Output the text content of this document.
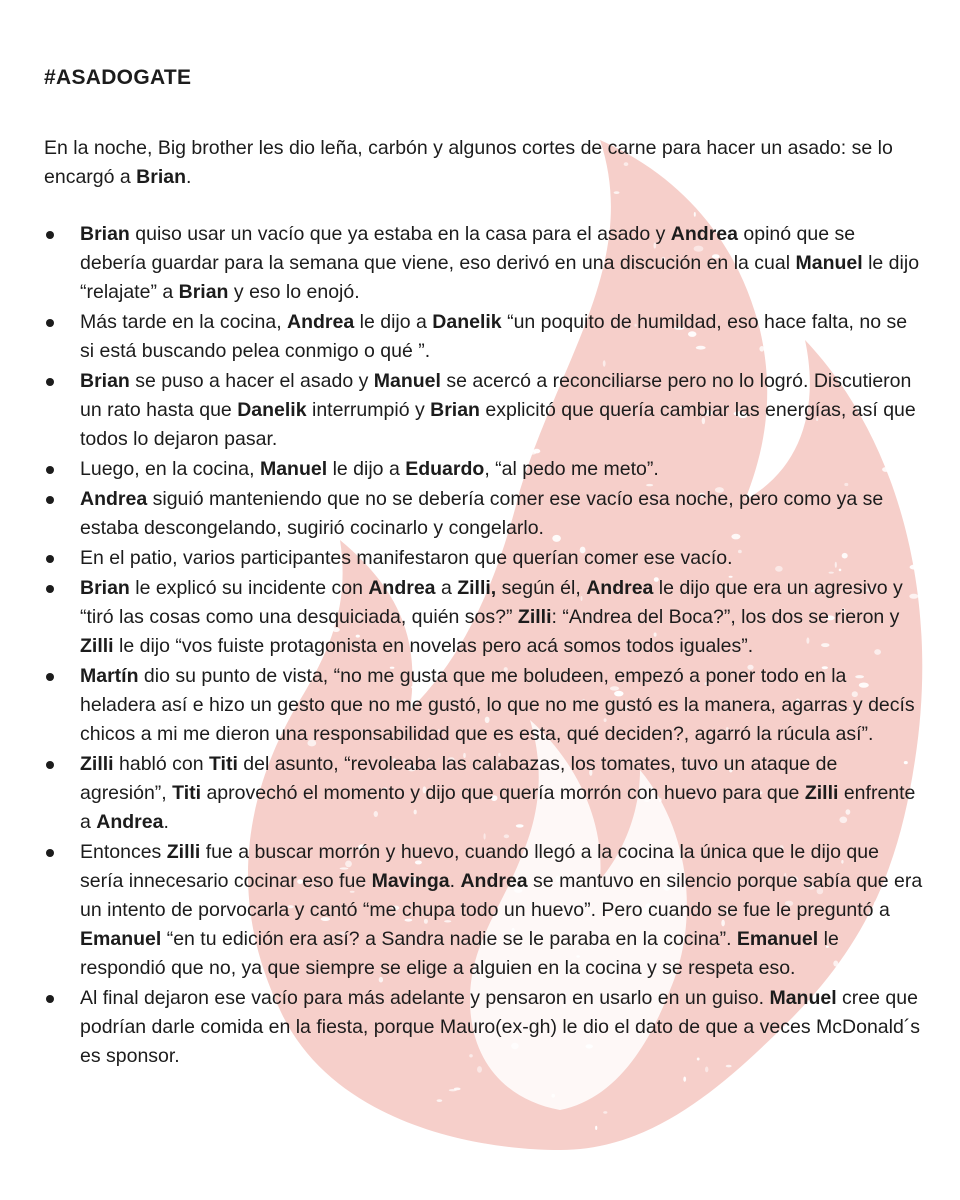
#ASADOGATE

En la noche, Big brother les dio leña, carbón y algunos cortes de carne para hacer un asado: se lo encargó a Brian.

Brian quiso usar un vacío que ya estaba en la casa para el asado y Andrea opinó que se debería guardar para la semana que viene, eso derivó en una discución en la cual Manuel le dijo “relajate” a Brian y eso lo enojó.
Más tarde en la cocina, Andrea le dijo a Danelik “un poquito de humildad, eso hace falta, no se si está buscando pelea conmigo o qué ”.
Brian se puso a hacer el asado y Manuel se acercó a reconciliarse pero no lo logró. Discutieron un rato hasta que Danelik interrumpió y Brian explicitó que quería cambiar las energías, así que todos lo dejaron pasar.
Luego, en la cocina, Manuel le dijo a Eduardo, “al pedo me meto”.
Andrea siguió manteniendo que no se debería comer ese vacío esa noche, pero como ya se estaba descongelando, sugirió cocinarlo y congelarlo.
En el patio, varios participantes manifestaron que querían comer ese vacío.
Brian le explicó su incidente con Andrea a Zilli, según él, Andrea le dijo que era un agresivo y “tiró las cosas como una desquiciada, quién sos?” Zilli: “Andrea del Boca?”, los dos se rieron y Zilli le dijo “vos fuiste protagonista en novelas pero acá somos todos iguales”.
Martín dio su punto de vista, “no me gusta que me boludeen, empezó a poner todo en la heladera así e hizo un gesto que no me gustó, lo que no me gustó es la manera, agarras y decís chicos a mi me dieron una responsabilidad que es esta, qué deciden?, agarró la rúcula así”.
Zilli habló con Titi del asunto, “revoleaba las calabazas, los tomates, tuvo un ataque de agresión”, Titi aprovechó el momento y dijo que quería morrón con huevo para que Zilli enfrente a Andrea.
Entonces Zilli fue a buscar morrón y huevo, cuando llegó a la cocina la única que le dijo que sería innecesario cocinar eso fue Mavinga. Andrea se mantuvo en silencio porque sabía que era un intento de porvocarla y cantó “me chupa todo un huevo”. Pero cuando se fue le preguntó a Emanuel “en tu edición era así? a Sandra nadie se le paraba en la cocina”. Emanuel le respondió que no, ya que siempre se elige a alguien en la cocina y se respeta eso.
Al final dejaron ese vacío para más adelante y pensaron en usarlo en un guiso. Manuel cree que podrían darle comida en la fiesta, porque Mauro(ex-gh) le dio el dato de que a veces McDonald´s es sponsor.
